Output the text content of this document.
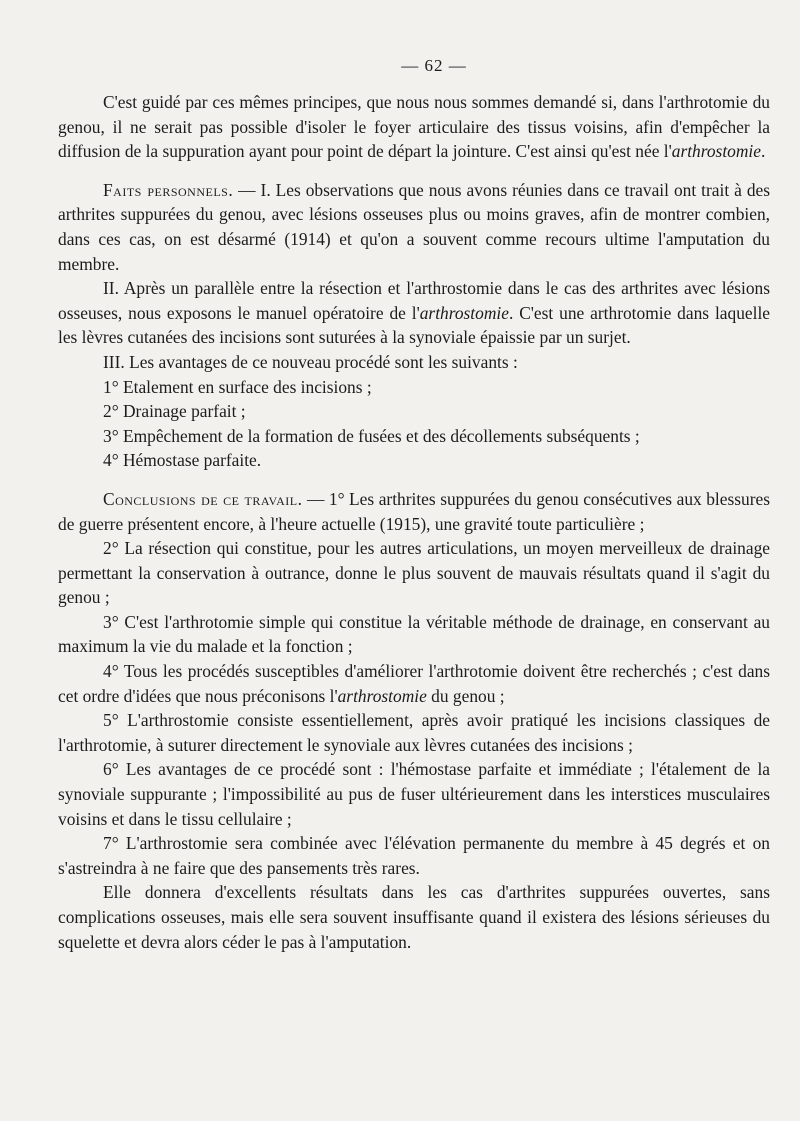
— 62 —

C'est guidé par ces mêmes principes, que nous nous sommes demandé si, dans l'arthrotomie du genou, il ne serait pas possible d'isoler le foyer articulaire des tissus voisins, afin d'empêcher la diffusion de la suppuration ayant pour point de départ la jointure. C'est ainsi qu'est née l'arthrostomie.

Faits personnels. — I. Les observations que nous avons réunies dans ce travail ont trait à des arthrites suppurées du genou, avec lésions osseuses plus ou moins graves, afin de montrer combien, dans ces cas, on est désarmé (1914) et qu'on a souvent comme recours ultime l'amputation du membre.

II. Après un parallèle entre la résection et l'arthrostomie dans le cas des arthrites avec lésions osseuses, nous exposons le manuel opératoire de l'arthrostomie. C'est une arthrotomie dans laquelle les lèvres cutanées des incisions sont suturées à la synoviale épaissie par un surjet.

III. Les avantages de ce nouveau procédé sont les suivants :

1° Etalement en surface des incisions ;

2° Drainage parfait ;

3° Empêchement de la formation de fusées et des décollements subséquents ;

4° Hémostase parfaite.

Conclusions de ce travail. — 1° Les arthrites suppurées du genou consécutives aux blessures de guerre présentent encore, à l'heure actuelle (1915), une gravité toute particulière ;

2° La résection qui constitue, pour les autres articulations, un moyen merveilleux de drainage permettant la conservation à outrance, donne le plus souvent de mauvais résultats quand il s'agit du genou ;

3° C'est l'arthrotomie simple qui constitue la véritable méthode de drainage, en conservant au maximum la vie du malade et la fonction ;

4° Tous les procédés susceptibles d'améliorer l'arthrotomie doivent être recherchés ; c'est dans cet ordre d'idées que nous préconisons l'arthrostomie du genou ;

5° L'arthrostomie consiste essentiellement, après avoir pratiqué les incisions classiques de l'arthrotomie, à suturer directement le synoviale aux lèvres cutanées des incisions ;

6° Les avantages de ce procédé sont : l'hémostase parfaite et immédiate ; l'étalement de la synoviale suppurante ; l'impossibilité au pus de fuser ultérieurement dans les interstices musculaires voisins et dans le tissu cellulaire ;

7° L'arthrostomie sera combinée avec l'élévation permanente du membre à 45 degrés et on s'astreindra à ne faire que des pansements très rares.

Elle donnera d'excellents résultats dans les cas d'arthrites suppurées ouvertes, sans complications osseuses, mais elle sera souvent insuffisante quand il existera des lésions sérieuses du squelette et devra alors céder le pas à l'amputation.
